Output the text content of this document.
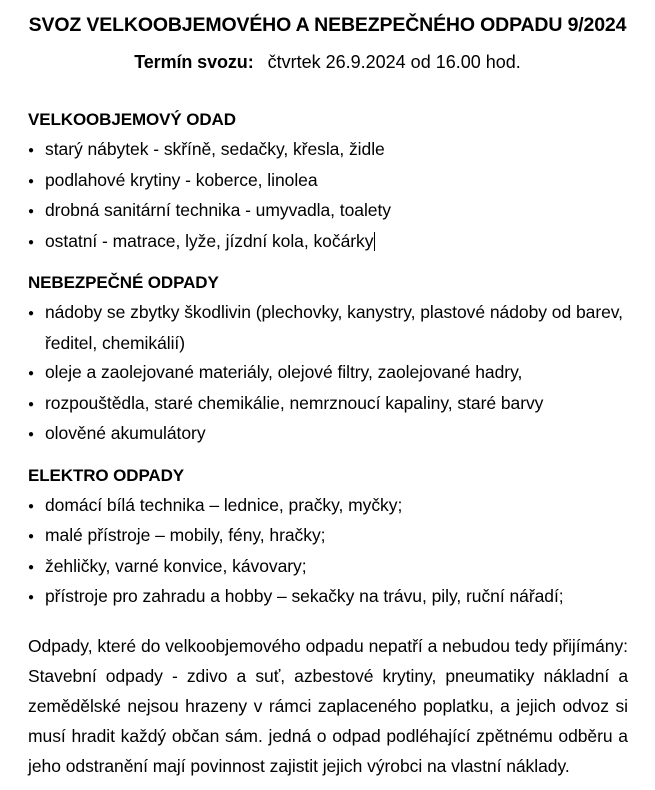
SVOZ VELKOOBJEMOVÉHO A NEBEZPEČNÉHO ODPADU 9/2024

Termín svozu: čtvrtek 26.9.2024 od 16.00 hod.

VELKOOBJEMOVÝ ODAD
● starý nábytek - skříně, sedačky, křesla, židle
● podlahové krytiny - koberce, linolea
● drobná sanitární technika - umyvadla, toalety
● ostatní - matrace, lyže, jízdní kola, kočárky
NEBEZPEČNÉ ODPADY
● nádoby se zbytky škodlivin (plechovky, kanystry, plastové nádoby od barev, ředitel, chemikálií)
● oleje a zaolejované materiály, olejové filtry, zaolejované hadry,
● rozpouštědla, staré chemikálie, nemrznoucí kapaliny, staré barvy
● olověné akumulátory
ELEKTRO ODPADY
● domácí bílá technika – lednice, pračky, myčky;
● malé přístroje – mobily, fény, hračky;
● žehličky, varné konvice, kávovary;
● přístroje pro zahradu a hobby – sekačky na trávu, pily, ruční nářadí;

Odpady, které do velkoobjemového odpadu nepatří a nebudou tedy přijímány: Stavební odpady - zdivo a suť, azbestové krytiny, pneumatiky nákladní a zemědělské nejsou hrazeny v rámci zaplaceného poplatku, a jejich odvoz si musí hradit každý občan sám. jedná o odpad podléhající zpětnému odběru a jeho odstranění mají povinnost zajistit jejich výrobci na vlastní náklady.
